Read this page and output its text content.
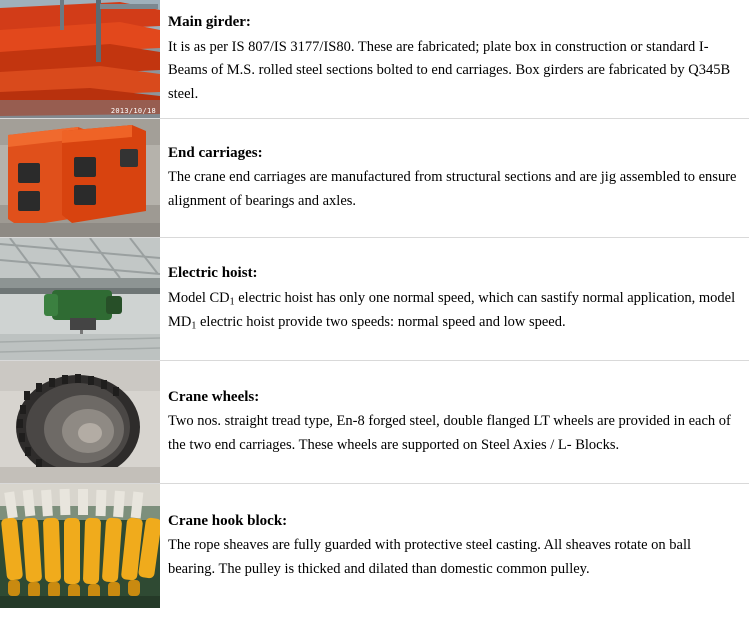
2013/10/18	Main girder:

It is as per IS 807/IS 3177/IS80. These are fabricated; plate box in construction or standard I-Beams of M.S. rolled steel sections bolted to end carriages. Box girders are fabricated by Q345B steel.

End carriages:

The crane end carriages are manufactured from structural sections and are jig assembled to ensure alignment of bearings and axles.

Electric hoist:

Model $CD_1$ electric hoist has only one normal speed, which can sastify normal application, model $MD_1$ electric hoist provide two speeds: normal speed and low speed.

Crane wheels:

Two nos. straight tread type, En-8 forged steel, double flanged LT wheels are provided in each of the two end carriages. These wheels are supported on Steel Axies / L- Blocks.

Crane hook block:

The rope sheaves are fully guarded with protective steel casting. All sheaves rotate on ball bearing. The pulley is thicked and dilated than domestic common pulley.
